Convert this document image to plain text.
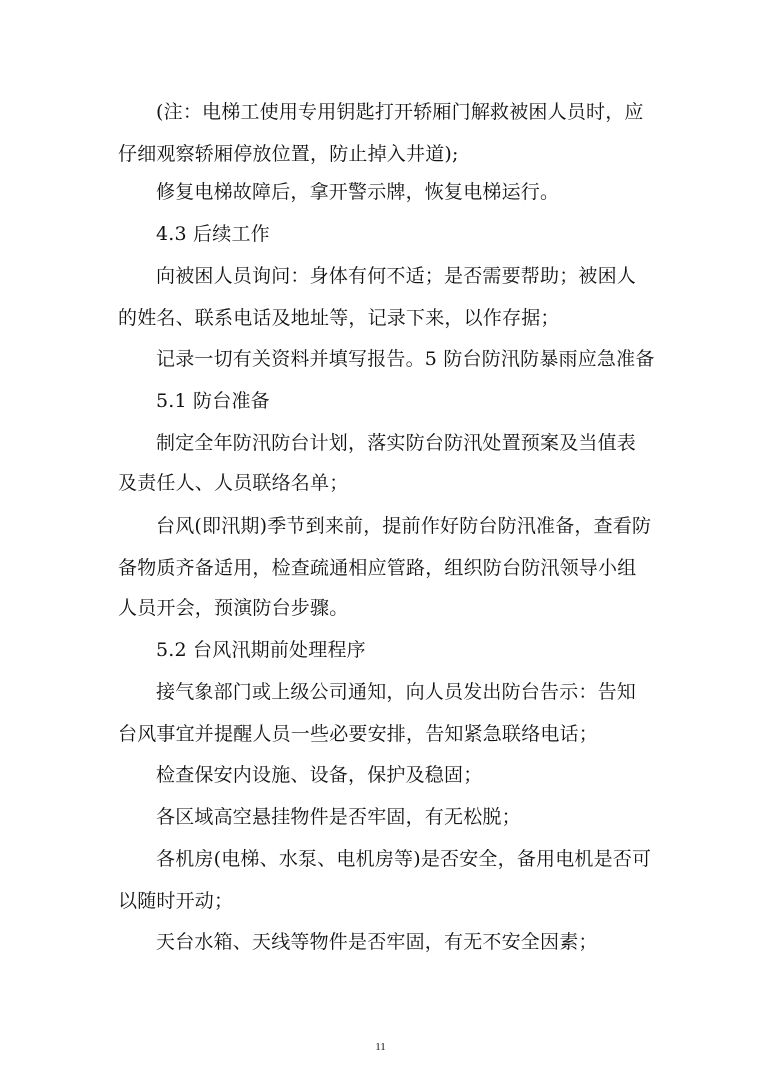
(注：电梯工使用专用钥匙打开轿厢门解救被困人员时，应
仔细观察轿厢停放位置，防止掉入井道);
修复电梯故障后，拿开警示牌，恢复电梯运行。
4.3 后续工作
向被困人员询问：身体有何不适；是否需要帮助；被困人
的姓名、联系电话及地址等，记录下来，以作存据；
记录一切有关资料并填写报告。5 防台防汛防暴雨应急准备
5.1 防台准备
制定全年防汛防台计划，落实防台防汛处置预案及当值表
及责任人、人员联络名单；
台风(即汛期)季节到来前，提前作好防台防汛准备，查看防
备物质齐备适用，检查疏通相应管路，组织防台防汛领导小组
人员开会，预演防台步骤。
5.2 台风汛期前处理程序
接气象部门或上级公司通知，向人员发出防台告示：告知
台风事宜并提醒人员一些必要安排，告知紧急联络电话；
检查保安内设施、设备，保护及稳固；
各区域高空悬挂物件是否牢固，有无松脱；
各机房(电梯、水泵、电机房等)是否安全，备用电机是否可
以随时开动；
天台水箱、天线等物件是否牢固，有无不安全因素；
11
